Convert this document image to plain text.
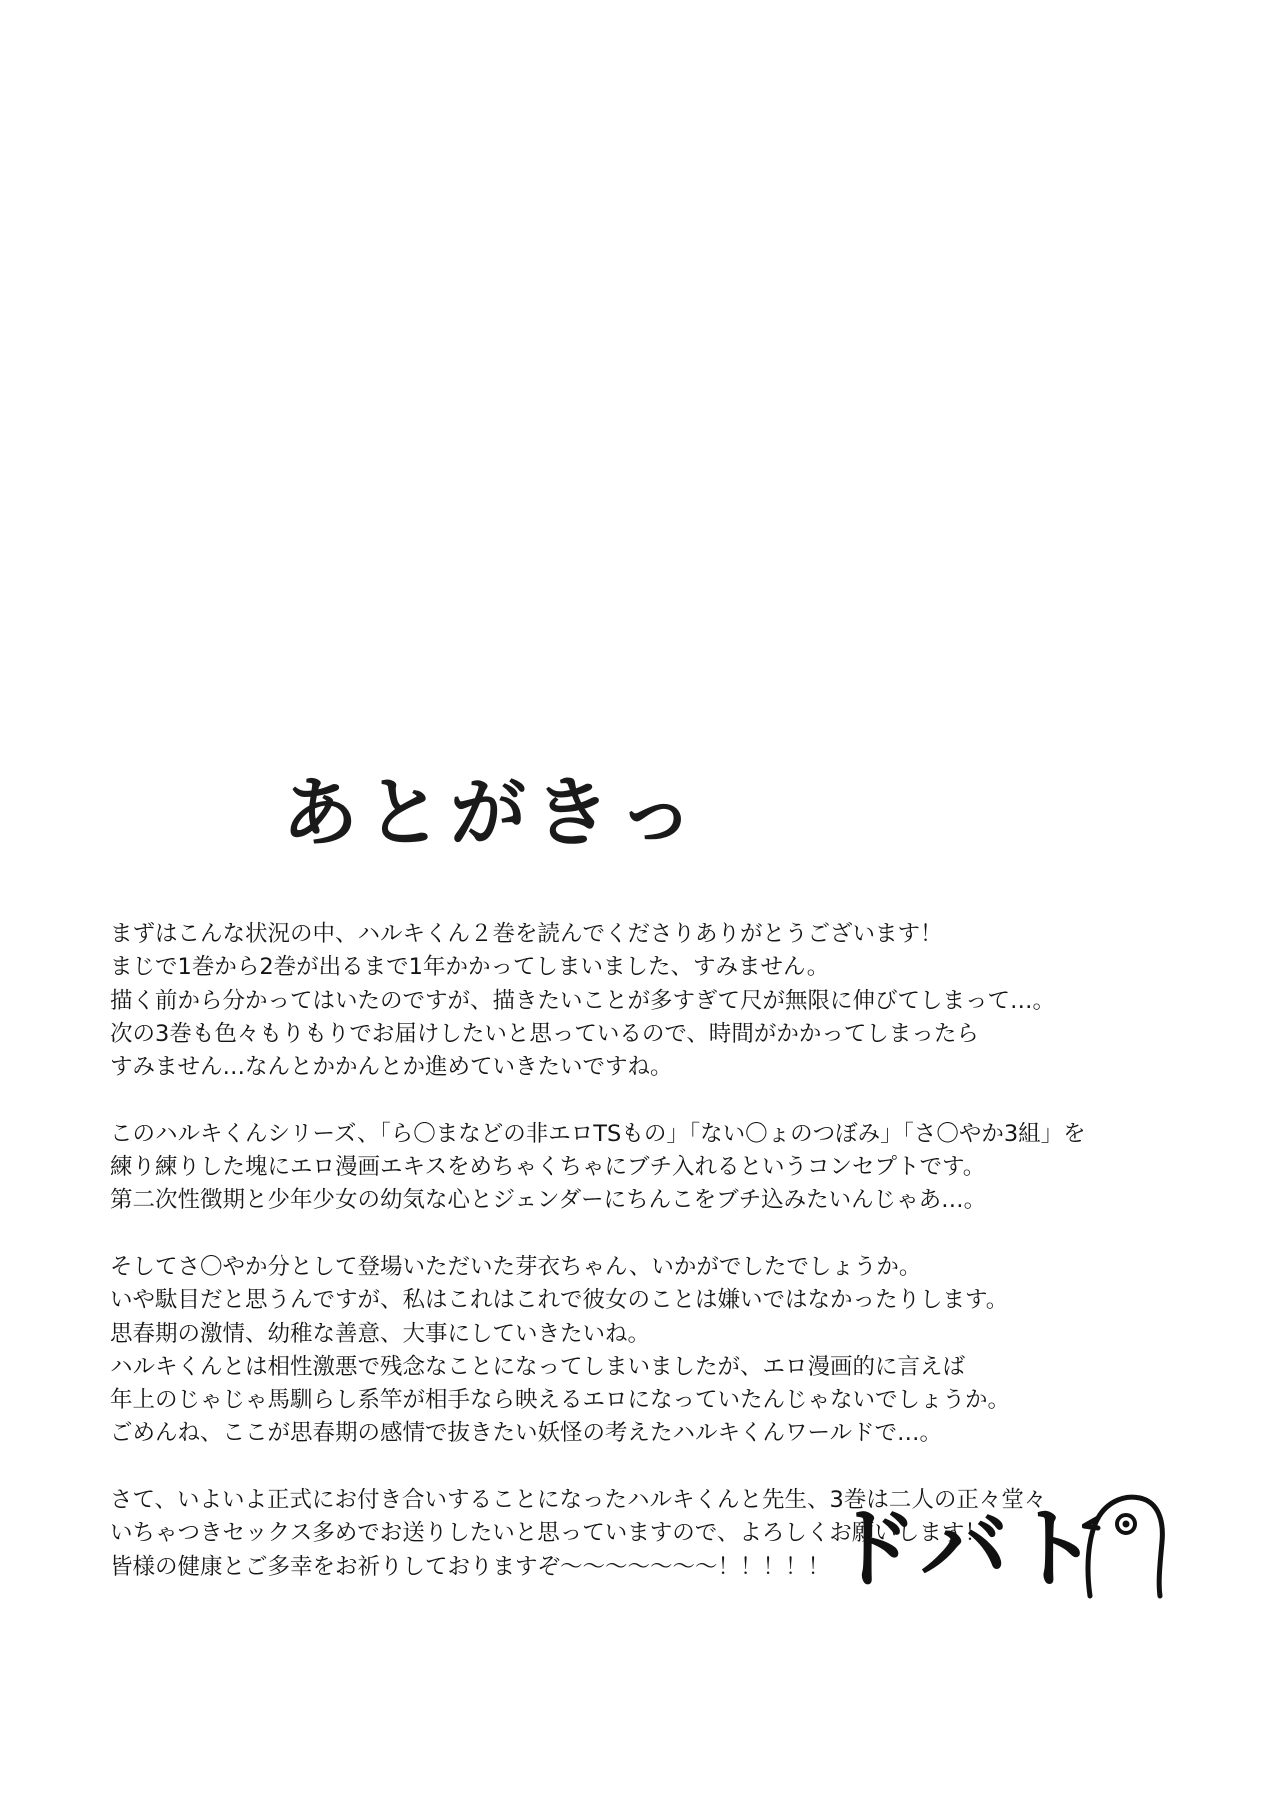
あとがきっ
まずはこんな状況の中、ハルキくん２巻を読んでくださりありがとうございます！
まじで1巻から2巻が出るまで1年かかってしまいました、すみません。
描く前から分かってはいたのですが、描きたいことが多すぎて尺が無限に伸びてしまって…。
次の3巻も色々もりもりでお届けしたいと思っているので、時間がかかってしまったら
すみません…なんとかかんとか進めていきたいですね。
このハルキくんシリーズ、「ら〇まなどの非エロTSもの」「ない〇ょのつぼみ」「さ〇やか3組」を
練り練りした塊にエロ漫画エキスをめちゃくちゃにブチ入れるというコンセプトです。
第二次性徴期と少年少女の幼気な心とジェンダーにちんこをブチ込みたいんじゃあ…。
そしてさ〇やか分として登場いただいた芽衣ちゃん、いかがでしたでしょうか。
いや駄目だと思うんですが、私はこれはこれで彼女のことは嫌いではなかったりします。
思春期の激情、幼稚な善意、大事にしていきたいね。
ハルキくんとは相性激悪で残念なことになってしまいましたが、エロ漫画的に言えば
年上のじゃじゃ馬馴らし系竿が相手なら映えるエロになっていたんじゃないでしょうか。
ごめんね、ここが思春期の感情で抜きたい妖怪の考えたハルキくんワールドで…。
さて、いよいよ正式にお付き合いすることになったハルキくんと先生、3巻は二人の正々堂々
いちゃつきセックス多めでお送りしたいと思っていますので、よろしくお願いします！
皆様の健康とご多幸をお祈りしておりますぞ〜〜〜〜〜〜〜！！！！！ ドバト
